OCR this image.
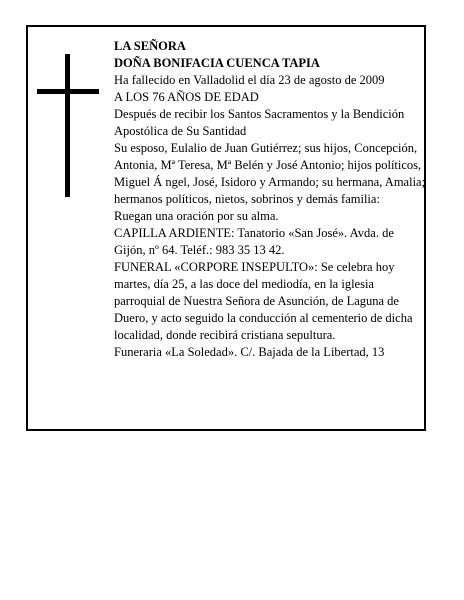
LA SEÑORA

DOÑA BONIFACIA CUENCA TAPIA

Ha fallecido en Valladolid el día 23 de agosto de 2009

A LOS 76 AÑOS DE EDAD

Después de recibir los Santos Sacramentos y la Bendición Apostólica de Su Santidad

Su esposo, Eulalio de Juan Gutiérrez; sus hijos, Concepción, Antonia, Mª Teresa, Mª Belén y José Antonio; hijos políticos, Miguel Á ngel, José, Isidoro y Armando; su hermana, Amalia; hermanos políticos, nietos, sobrinos y demás familia:

Ruegan una oración por su alma.

CAPILLA ARDIENTE: Tanatorio «San José». Avda. de Gijón, nº 64. Teléf.: 983 35 13 42.

FUNERAL «CORPORE INSEPULTO»: Se celebra hoy martes, día 25, a las doce del mediodía, en la iglesia parroquial de Nuestra Señora de Asunción, de Laguna de Duero, y acto seguido la conducción al cementerio de dicha localidad, donde recibirá cristiana sepultura.

Funeraria «La Soledad». C/. Bajada de la Libertad, 13
